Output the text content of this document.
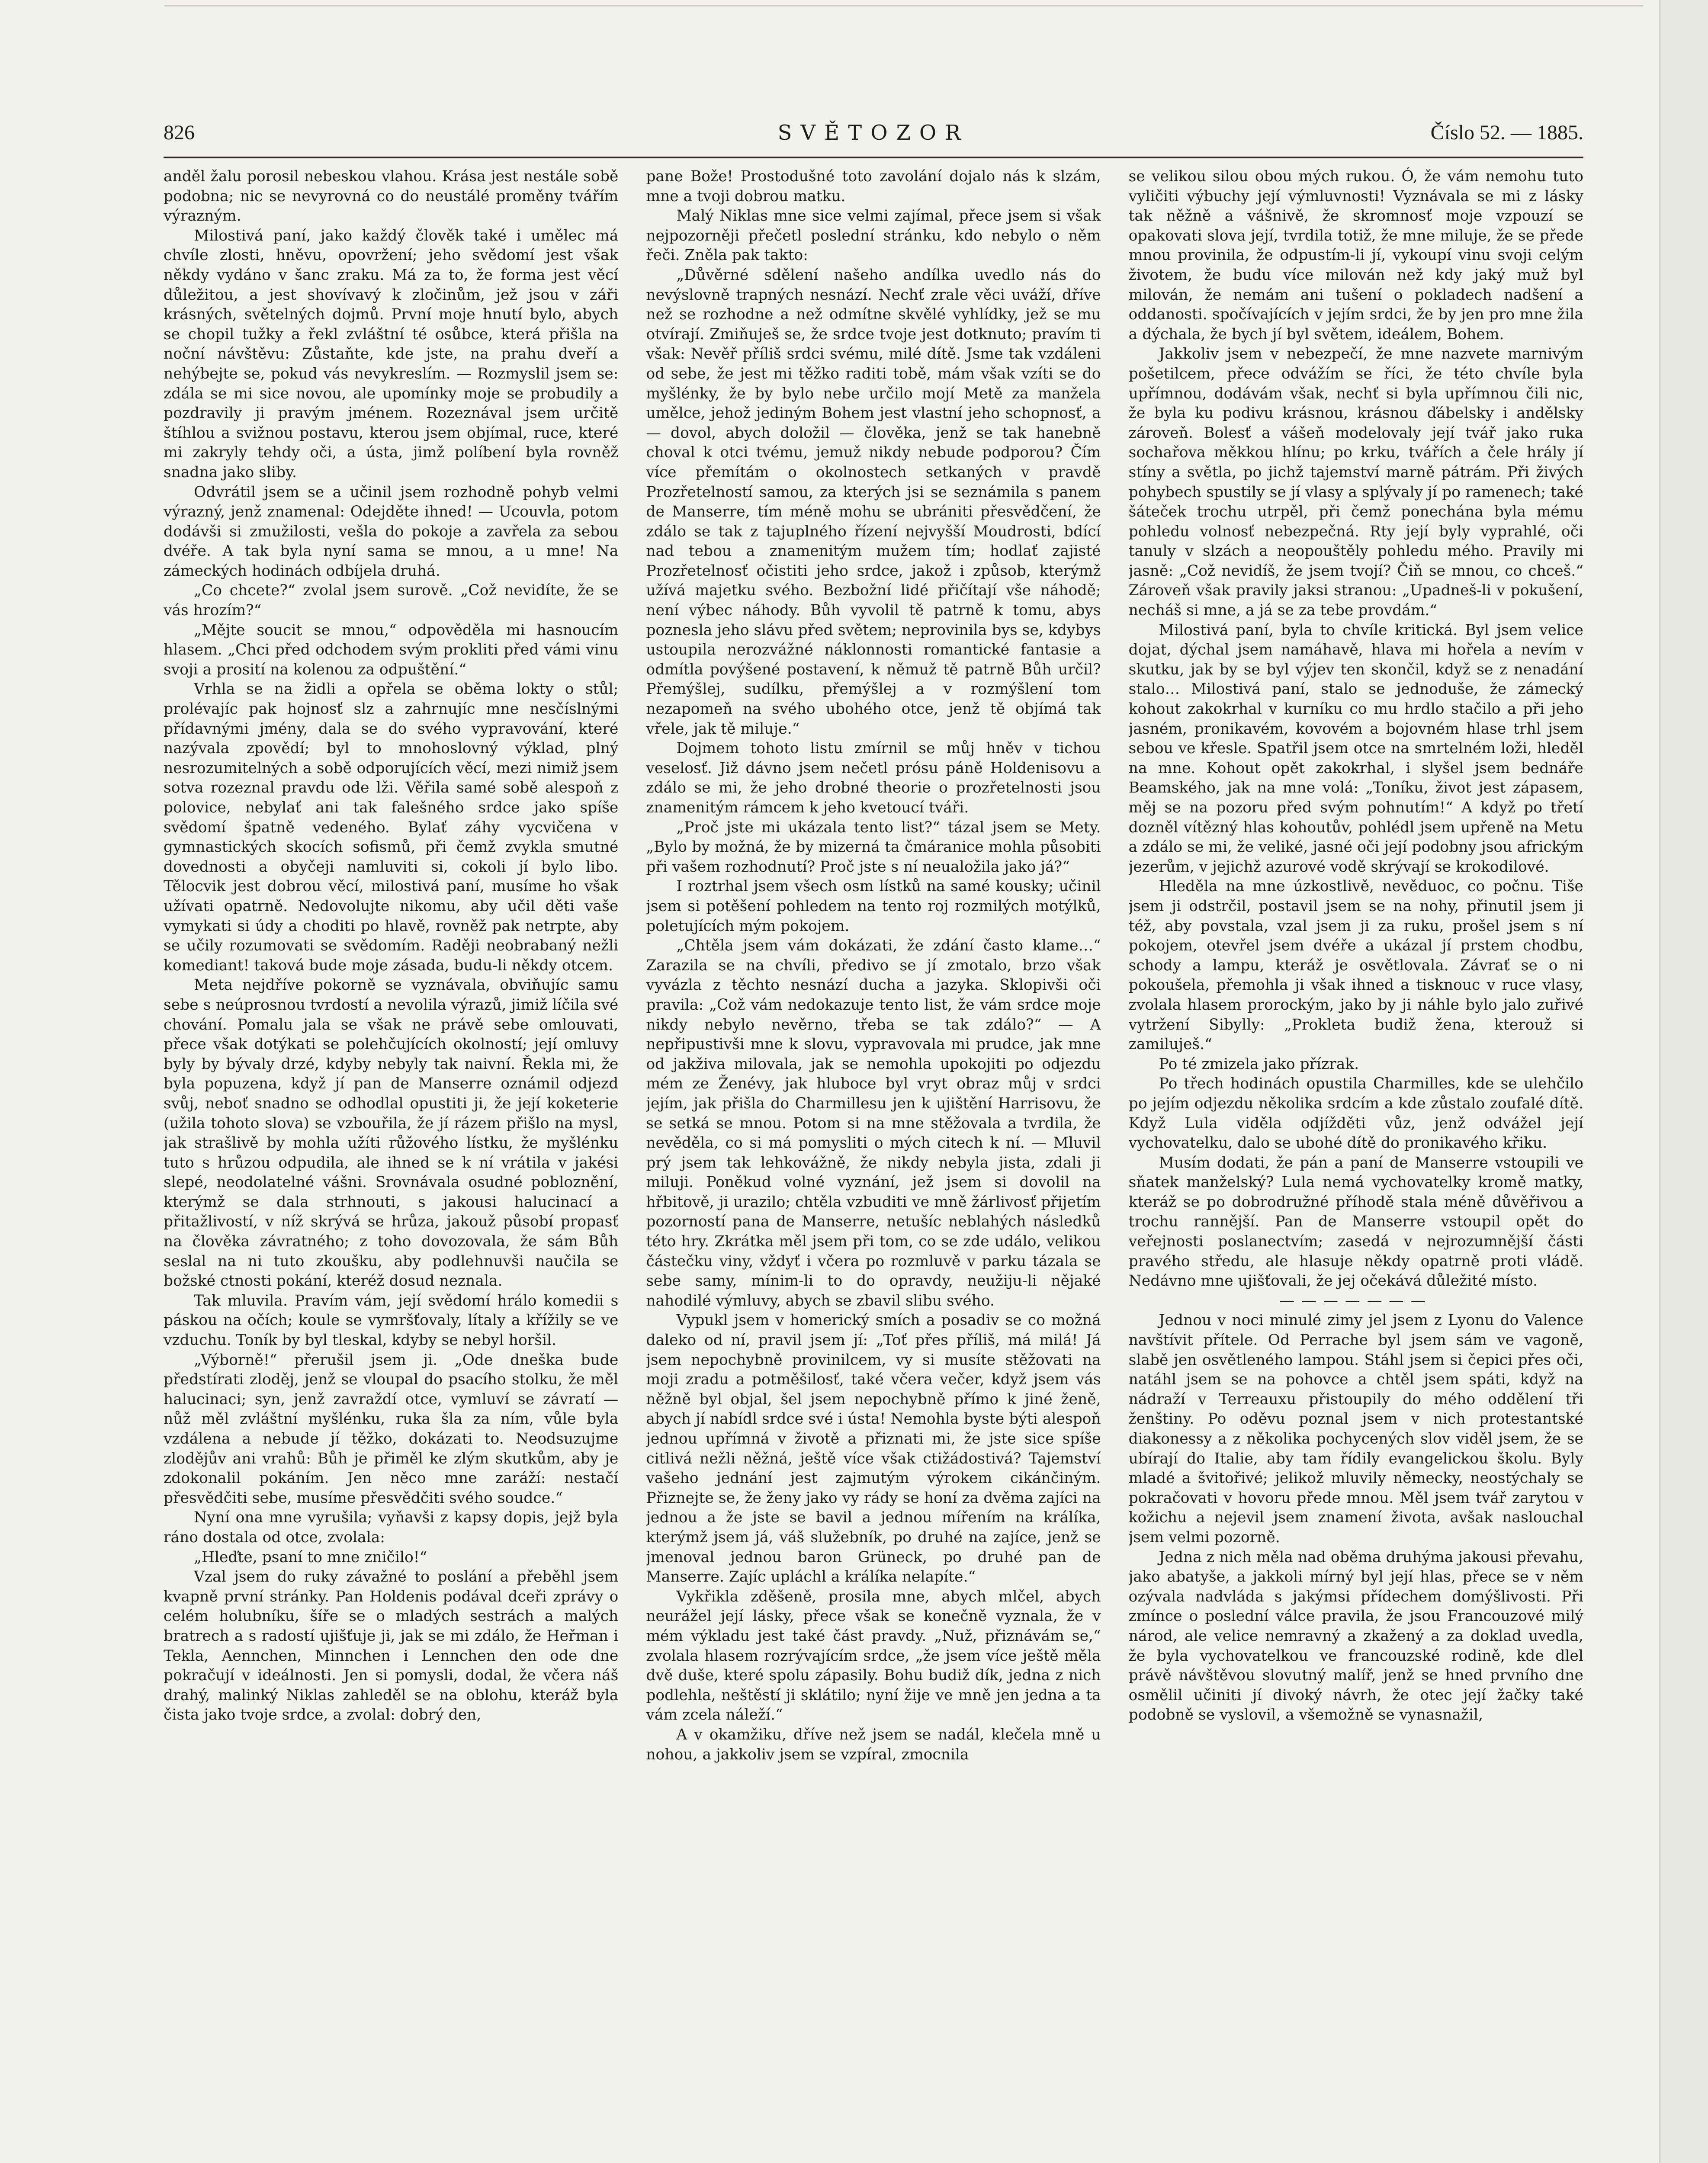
826	SVĚTOZOR	Číslo 52. — 1885.

anděl žalu porosil nebeskou vlahou. Krása jest nestále sobě podobna; nic se nevyrovná co do neustálé proměny tvářím výrazným.

Milostivá paní, jako každý člověk také i umělec má chvíle zlosti, hněvu, opovržení; jeho svědomí jest však někdy vydáno v šanc zraku. Má za to, že forma jest věcí důležitou, a jest shovívavý k zločinům, jež jsou v záři krásných, světelných dojmů. První moje hnutí bylo, abych se chopil tužky a řekl zvláštní té osůbce, která přišla na noční návštěvu: Zůstaňte, kde jste, na prahu dveří a nehýbejte se, pokud vás nevykreslím. — Rozmyslil jsem se: zdála se mi sice novou, ale upomínky moje se probudily a pozdravily ji pravým jménem. Rozeznával jsem určitě štíhlou a svižnou postavu, kterou jsem objímal, ruce, které mi zakryly tehdy oči, a ústa, jimž políbení byla rovněž snadna jako sliby.

Odvrátil jsem se a učinil jsem rozhodně pohyb velmi výrazný, jenž znamenal: Odejděte ihned! — Ucouvla, potom dodávši si zmužilosti, vešla do pokoje a zavřela za sebou dvéře. A tak byla nyní sama se mnou, a u mne! Na zámeckých hodinách odbíjela druhá.

„Co chcete?“ zvolal jsem surově. „Což nevidíte, že se vás hrozím?“

„Mějte soucit se mnou,“ odpověděla mi hasnoucím hlasem. „Chci před odchodem svým prokliti před vámi vinu svoji a prosití na kolenou za odpuštění.“

Vrhla se na židli a opřela se oběma lokty o stůl; prolévajíc pak hojnosť slz a zahrnujíc mne nesčíslnými přídavnými jmény, dala se do svého vypravování, které nazývala zpovědí; byl to mnohoslovný výklad, plný nesrozumitelných a sobě odporujících věcí, mezi nimiž jsem sotva rozeznal pravdu ode lži. Věřila samé sobě alespoň z polovice, nebylať ani tak falešného srdce jako spíše svědomí špatně vedeného. Bylať záhy vycvičena v gymnastických skocích sofismů, při čemž zvykla smutné dovednosti a obyčeji namluviti si, cokoli jí bylo libo. Tělocvik jest dobrou věcí, milostivá paní, musíme ho však užívati opatrně. Nedovolujte nikomu, aby učil děti vaše vymykati si údy a choditi po hlavě, rovněž pak netrpte, aby se učily rozumovati se svědomím. Raději neobrabaný nežli komediant! taková bude moje zásada, budu-li někdy otcem.

Meta nejdříve pokorně se vyznávala, obviňujíc samu sebe s neúprosnou tvrdostí a nevolila výrazů, jimiž líčila své chování. Pomalu jala se však ne právě sebe omlouvati, přece však dotýkati se polehčujících okolností; její omluvy byly by bývaly drzé, kdyby nebyly tak naivní. Řekla mi, že byla popuzena, když jí pan de Manserre oznámil odjezd svůj, neboť snadno se odhodlal opustiti ji, že její koketerie (užila tohoto slova) se vzbouřila, že jí rázem přišlo na mysl, jak strašlivě by mohla užíti růžového lístku, že myšlénku tuto s hrůzou odpudila, ale ihned se k ní vrátila v jakési slepé, neodolatelné vášni. Srovnávala osudné pobloznění, kterýmž se dala strhnouti, s jakousi halucinací a přitažlivostí, v níž skrývá se hrůza, jakouž působí propasť na člověka závratného; z toho dovozovala, že sám Bůh seslal na ni tuto zkoušku, aby podlehnuvši naučila se božské ctnosti pokání, kteréž dosud neznala.

Tak mluvila. Pravím vám, její svědomí hrálo komedii s páskou na očích; koule se vymršťovaly, lítaly a křížily se ve vzduchu. Toník by byl tleskal, kdyby se nebyl horšil.

„Výborně!“ přerušil jsem ji. „Ode dneška bude předstírati zloděj, jenž se vloupal do psacího stolku, že měl halucinaci; syn, jenž zavraždí otce, vymluví se závratí — nůž měl zvláštní myšlénku, ruka šla za ním, vůle byla vzdálena a nebude jí těžko, dokázati to. Neodsuzujme zlodějův ani vrahů: Bůh je přiměl ke zlým skutkům, aby je zdokonalil pokáním. Jen něco mne zaráží: nestačí přesvědčiti sebe, musíme přesvědčiti svého soudce.“

Nyní ona mne vyrušila; vyňavši z kapsy dopis, jejž byla ráno dostala od otce, zvolala:

„Hleďte, psaní to mne zničilo!“

Vzal jsem do ruky závažné to poslání a přeběhl jsem kvapně první stránky. Pan Holdenis podával dceři zprávy o celém holubníku, šíře se o mladých sestrách a malých bratrech a s radostí ujišťuje ji, jak se mi zdálo, že Heřman i Tekla, Aennchen, Minnchen i Lennchen den ode dne pokračují v ideálnosti. Jen si pomysli, dodal, že včera náš drahý, malinký Niklas zahleděl se na oblohu, kteráž byla čista jako tvoje srdce, a zvolal: dobrý den,

pane Bože! Prostodušné toto zavolání dojalo nás k slzám, mne a tvoji dobrou matku.

Malý Niklas mne sice velmi zajímal, přece jsem si však nejpozorněji přečetl poslední stránku, kdo nebylo o něm řeči. Zněla pak takto:

„Důvěrné sdělení našeho andílka uvedlo nás do nevýslovně trapných nesnází. Nechť zrale věci uváží, dříve než se rozhodne a než odmítne skvělé vyhlídky, jež se mu otvírají. Zmiňuješ se, že srdce tvoje jest dotknuto; pravím ti však: Nevěř příliš srdci svému, milé dítě. Jsme tak vzdáleni od sebe, že jest mi těžko raditi tobě, mám však vzíti se do myšlénky, že by bylo nebe určilo mojí Metě za manžela umělce, jehož jediným Bohem jest vlastní jeho schopnosť, a — dovol, abych doložil — člověka, jenž se tak hanebně choval k otci tvému, jemuž nikdy nebude podporou? Čím více přemítám o okolnostech setkaných v pravdě Prozřetelností samou, za kterých jsi se seznámila s panem de Manserre, tím méně mohu se ubrániti přesvědčení, že zdálo se tak z tajuplného řízení nejvyšší Moudrosti, bdící nad tebou a znamenitým mužem tím; hodlať zajisté Prozřetelnosť očistiti jeho srdce, jakož i způsob, kterýmž užívá majetku svého. Bezbožní lidé přičítají vše náhodě; není výbec náhody. Bůh vyvolil tě patrně k tomu, abys poznesla jeho slávu před světem; neprovinila bys se, kdybys ustoupila nerozvážné náklonnosti romantické fantasie a odmítla povýšené postavení, k němuž tě patrně Bůh určil? Přemýšlej, sudílku, přemýšlej a v rozmýšlení tom nezapomeň na svého ubohého otce, jenž tě objímá tak vřele, jak tě miluje.“

Dojmem tohoto listu zmírnil se můj hněv v tichou veselosť. Již dávno jsem nečetl prósu páně Holdenisovu a zdálo se mi, že jeho drobné theorie o prozřetelnosti jsou znamenitým rámcem k jeho kvetoucí tváři.

„Proč jste mi ukázala tento list?“ tázal jsem se Mety. „Bylo by možná, že by mizerná ta čmáranice mohla působiti při vašem rozhodnutí? Proč jste s ní neualožila jako já?“

I roztrhal jsem všech osm lístků na samé kousky; učinil jsem si potěšení pohledem na tento roj rozmilých motýlků, poletujících mým pokojem.

„Chtěla jsem vám dokázati, že zdání často klame…“ Zarazila se na chvíli, předivo se jí zmotalo, brzo však vyvázla z těchto nesnází ducha a jazyka. Sklopivši oči pravila: „Což vám nedokazuje tento list, že vám srdce moje nikdy nebylo nevěrno, třeba se tak zdálo?“ — A nepřipustivši mne k slovu, vypravovala mi prudce, jak mne od jakživa milovala, jak se nemohla upokojiti po odjezdu mém ze Ženévy, jak hluboce byl vryt obraz můj v srdci jejím, jak přišla do Charmillesu jen k ujištění Harrisovu, že se setká se mnou. Potom si na mne stěžovala a tvrdila, že nevěděla, co si má pomysliti o mých citech k ní. — Mluvil prý jsem tak lehkovážně, že nikdy nebyla jista, zdali ji miluji. Poněkud volné vyznání, jež jsem si dovolil na hřbitově, ji urazilo; chtěla vzbuditi ve mně žárlivosť přijetím pozorností pana de Manserre, netušíc neblahých následků této hry. Zkrátka měl jsem při tom, co se zde událo, velikou částečku viny, vždyť i včera po rozmluvě v parku tázala se sebe samy, mínim-li to do opravdy, neužiju-li nějaké nahodilé výmluvy, abych se zbavil slibu svého.

Vypukl jsem v homerický smích a posadiv se co možná daleko od ní, pravil jsem jí: „Toť přes příliš, má milá! Já jsem nepochybně provinilcem, vy si musíte stěžovati na moji zradu a potměšilosť, také včera večer, když jsem vás něžně byl objal, šel jsem nepochybně přímo k jiné ženě, abych jí nabídl srdce své i ústa! Nemohla byste býti alespoň jednou upřímná v životě a přiznati mi, že jste sice spíše citlivá nežli něžná, ještě více však ctižádostivá? Tajemství vašeho jednání jest zajmutým výrokem cikánčiným. Přiznejte se, že ženy jako vy rády se honí za dvěma zajíci na jednou a že jste se bavil a jednou mířením na králíka, kterýmž jsem já, váš služebník, po druhé na zajíce, jenž se jmenoval jednou baron Grüneck, po druhé pan de Manserre. Zajíc upláchl a králíka nelapíte.“

Vykřikla zděšeně, prosila mne, abych mlčel, abych neurážel její lásky, přece však se konečně vyznala, že v mém výkladu jest také část pravdy. „Nuž, přiznávám se,“ zvolala hlasem rozrývajícím srdce, „že jsem více ještě měla dvě duše, které spolu zápasily. Bohu budiž dík, jedna z nich podlehla, neštěstí ji sklátilo; nyní žije ve mně jen jedna a ta vám zcela náleží.“

A v okamžiku, dříve než jsem se nadál, klečela mně u nohou, a jakkoliv jsem se vzpíral, zmocnila

se velikou silou obou mých rukou. Ó, že vám nemohu tuto vyličiti výbuchy její výmluvnosti! Vyznávala se mi z lásky tak něžně a vášnivě, že skromnosť moje vzpouzí se opakovati slova její, tvrdila totiž, že mne miluje, že se předе mnou provinila, že odpustím-li jí, vykoupí vinu svoji celým životem, že budu více milován než kdy jaký muž byl milován, že nemám ani tušení o pokladech nadšení a oddanosti. spočívajících v jejím srdci, že by jen pro mne žila a dýchala, že bych jí byl světem, ideálem, Bohem.

Jakkoliv jsem v nebezpečí, že mne nazvete marnivým pošetilcem, přece odvážím se říci, že této chvíle byla upřímnou, dodávám však, nechť si byla upřímnou čili nic, že byla ku podivu krásnou, krásnou ďábelsky i andělsky zároveň. Bolesť a vášeň modelovaly její tvář jako ruka sochařova měkkou hlínu; po krku, tvářích a čele hrály jí stíny a světla, po jichž tajemství marně pátrám. Při živých pohybech spustily se jí vlasy a splývaly jí po ramenech; také šáteček trochu utrpěl, při čemž ponechána byla mému pohledu volnosť nebezpečná. Rty její byly vyprahlé, oči tanuly v slzách a neopouštěly pohledu mého. Pravily mi jasně: „Což nevidíš, že jsem tvojí? Čiň se mnou, co chceš.“ Zároveň však pravily jaksi stranou: „Upadneš-li v pokušení, necháš si mne, a já se za tebe provdám.“

Milostivá paní, byla to chvíle kritická. Byl jsem velice dojat, dýchal jsem namáhavě, hlava mi hořela a nevím v skutku, jak by se byl výjev ten skončil, když se z nenadání stalo… Milostivá paní, stalo se jednoduše, že zámecký kohout zakokrhal v kurníku co mu hrdlo stačilo a při jeho jasném, pronikavém, kovovém a bojovném hlase trhl jsem sebou ve křesle. Spatřil jsem otce na smrtelném loži, hleděl na mne. Kohout opět zakokrhal, i slyšel jsem bednáře Beamského, jak na mne volá: „Toníku, život jest zápasem, měj se na pozoru před svým pohnutím!“ A když po třetí dozněl vítězný hlas kohoutův, pohlédl jsem upřeně na Metu a zdálo se mi, že veliké, jasné oči její podobny jsou africkým jezerům, v jejichž azurové vodě skrývají se krokodilové.

Hleděla na mne úzkostlivě, nevěduoc, co počnu. Tiše jsem ji odstrčil, postavil jsem se na nohy, přinutil jsem ji též, aby povstala, vzal jsem ji za ruku, prošel jsem s ní pokojem, otevřel jsem dvéře a ukázal jí prstem chodbu, schody a lampu, kteráž je osvětlovala. Závrať se o ni pokoušela, přemohla ji však ihned a tisknouc v ruce vlasy, zvolala hlasem prorockým, jako by ji náhle bylo jalo zuřivé vytržení Sibylly: „Prokleta budiž žena, kterouž si zamiluješ.“

Po té zmizela jako přízrak.

Po třech hodinách opustila Charmilles, kde se ulehčilo po jejím odjezdu několika srdcím a kde zůstalo zoufalé dítě. Když Lula viděla odjížděti vůz, jenž odvážel její vychovatelku, dalo se ubohé dítě do pronikavého křiku.

Musím dodati, že pán a paní de Manserre vstoupili ve sňatek manželský? Lula nemá vychovatelky kromě matky, kteráž se po dobrodružné příhodě stala méně důvěřivou a trochu rannější. Pan de Manserre vstoupil opět do veřejnosti poslanectvím; zasedá v nejrozumnější části pravého středu, ale hlasuje někdy opatrně proti vládě. Nedávno mne ujišťovali, že jej očekává důležité místo.

———————

Jednou v noci minulé zimy jel jsem z Lyonu do Valence navštívit přítele. Od Perrache byl jsem sám ve vagoně, slabě jen osvětleného lampou. Stáhl jsem si čepici přes oči, natáhl jsem se na pohovce a chtěl jsem spáti, když na nádraží v Terreauxu přistoupily do mého oddělení tři ženštiny. Po oděvu poznal jsem v nich protestantské diakonessy a z několika pochycených slov viděl jsem, že se ubírají do Italie, aby tam řídily evangelickou školu. Byly mladé a švitořivé; jelikož mluvily německy, neostýchaly se pokračovati v hovoru předе mnou. Měl jsem tvář zarytou v kožichu a nejevil jsem znamení života, avšak naslouchal jsem velmi pozorně.

Jedna z nich měla nad oběma druhýma jakousi převahu, jako abatyše, a jakkoli mírný byl její hlas, přece se v něm ozývala nadvláda s jakýmsi přídechem domýšlivosti. Při zmínce o poslední válce pravila, že jsou Francouzové milý národ, ale velice nemravný a zkažený a za doklad uvedla, že byla vychovatelkou ve francouzské rodině, kde dlel právě návštěvou slovutný malíř, jenž se hned prvního dne osmělil učiniti jí divoký návrh, že otec její žačky také podobně se vyslovil, a všemožně se vynasnažil,
